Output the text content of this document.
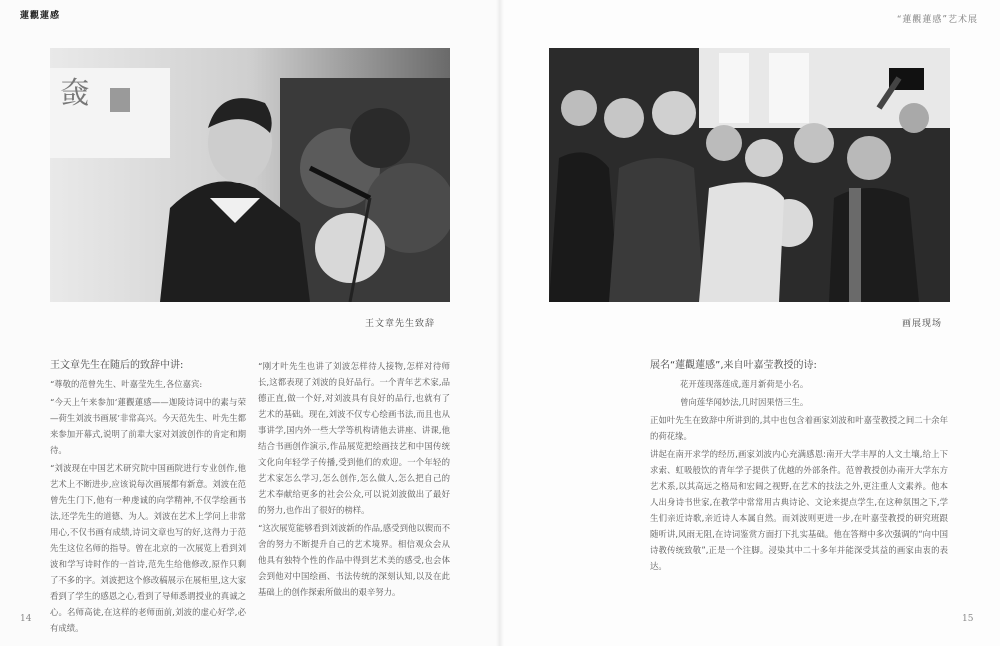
蓮觀蓮感	“蓮觀蓮感”艺术展
㚜
王文章先生致辞	画展现场

王文章先生在随后的致辞中讲:

“尊敬的范曾先生、叶嘉莹先生,各位嘉宾:

“今天上午来参加‘蓮觀蓮感——迦陵诗词中的素与荣—荷生刘波书画展’非常高兴。今天范先生、叶先生都来参加开幕式,说明了前辈大家对刘波创作的肯定和期待。

“刘波现在中国艺术研究院中国画院进行专业创作,他艺术上不断进步,应该说每次画展都有新意。刘波在范曾先生门下,他有一种虔诚的向学精神,不仅学绘画书法,还学先生的道德、为人。刘波在艺术上学问上非常用心,不仅书画有成绩,诗词文章也写的好,这得力于范先生这位名师的指导。曾在北京的一次展览上看到刘波和学写诗时作的一首诗,范先生给他修改,原作只剩了不多的字。刘波把这个修改稿展示在展柜里,这大家看到了学生的感恩之心,看到了导师悉谓授业的真诚之心。名师高徒,在这样的老师面前,刘波的虚心好学,必有成绩。

“刚才叶先生也讲了刘波怎样待人接物,怎样对待师长,这都表现了刘波的良好品行。一个青年艺术家,品德正直,做一个好,对刘波具有良好的品行,也就有了艺术的基础。现在,刘波不仅专心绘画书法,而且也从事讲学,国内外一些大学等机构请他去讲座、讲课,他结合书画创作演示,作品展览把绘画技艺和中国传统文化向年轻学子传播,受到他们的欢迎。一个年轻的艺术家怎么学习,怎么创作,怎么做人,怎么把自己的艺术奉献给更多的社会公众,可以说刘波做出了最好的努力,也作出了很好的榜样。

“这次展览能够看到刘波新的作品,感受到他以锲而不舍的努力不断提升自己的艺术境界。相信观众会从他具有独特个性的作品中得到艺术美的感受,也会体会到他对中国绘画、书法传统的深刻认知,以及在此基础上的创作探索所做出的艰辛努力。

展名“蓮觀蓮感”,来自叶嘉莹教授的诗:

花开莲现落莲成,莲月新荷是小名。

曾向莲华闻妙法,几时因果悟三生。

正如叶先生在致辞中所讲到的,其中也包含着画家刘波和叶嘉莹教授之间二十余年的荷花缘。

讲起在南开求学的经历,画家刘波内心充满感恩:南开大学丰厚的人文土壤,给上下求索、虹吸般饮的青年学子提供了优越的外部条件。范曾教授创办南开大学东方艺术系,以其高远之格局和宏阔之视野,在艺术的技法之外,更注重人文素养。他本人出身诗书世家,在教学中常常用古典诗论、文论来提点学生,在这种氛围之下,学生们亲近诗歌,亲近诗人本属自然。而刘波则更进一步,在叶嘉莹教授的研究班跟随听讲,风雨无阻,在诗词鉴赏方面打下扎实基础。他在答辩中多次强调的“向中国诗教传统致敬”,正是一个注脚。浸染其中二十多年并能深受其益的画家由衷的表达。

14	15
